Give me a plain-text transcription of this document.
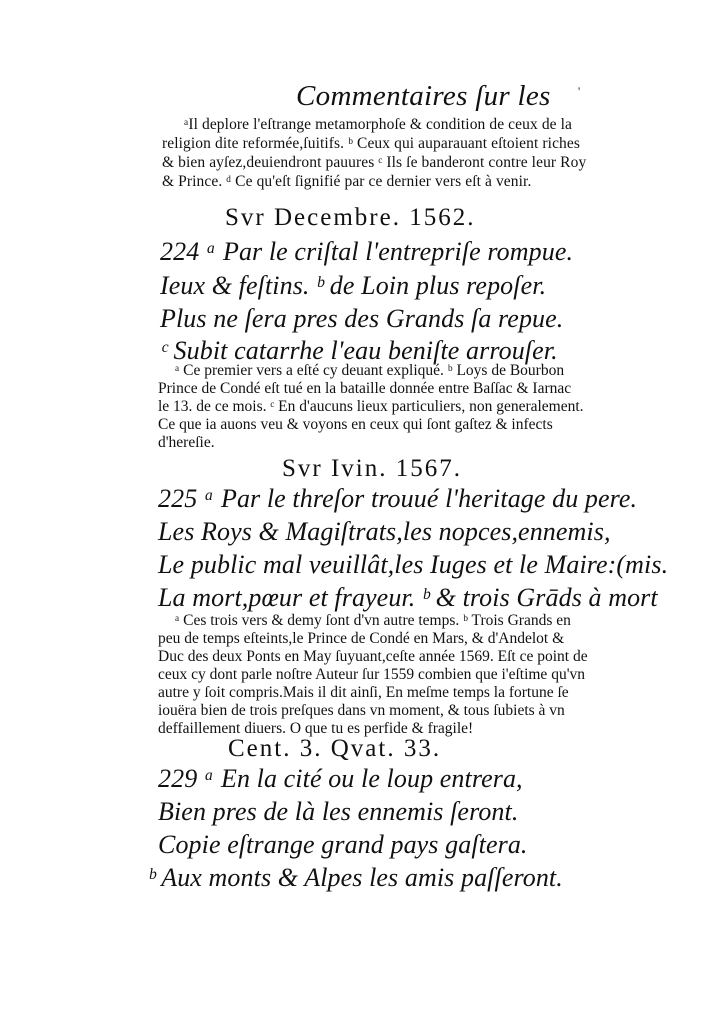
Commentaires ſur les '
ᵃIl deplore l'eſtrange metamorphoſe & condition de ceux de la
religion dite reformée,ſuitifs. ᵇ Ceux qui auparauant eſtoient riches
& bien ayſez,deuiendront pauures ᶜ Ils ſe banderont contre leur Roy
& Prince. ᵈ Ce qu'eſt ſignifié par ce dernier vers eſt à venir.
Svr Decembre. 1562.
224 ᵃ Par le criſtal l'entrepriſe rompue.
Ieux & feſtins. ᵇ de Loin plus repoſer.
Plus ne ſera pres des Grands ſa repue.
ᶜ Subit catarrhe l'eau beniſte arrouſer.
ᵃ Ce premier vers a eſté cy deuant expliqué. ᵇ Loys de Bourbon
Prince de Condé eſt tué en la bataille donnée entre Baſſac & Iarnac
le 13. de ce mois. ᶜ En d'aucuns lieux particuliers, non generalement.
Ce que ia auons veu & voyons en ceux qui ſont gaſtez & infects
d'hereſie.
Svr Ivin. 1567.
225 ᵃ Par le threſor trouué l'heritage du pere.
Les Roys & Magiſtrats,les nopces,ennemis,
Le public mal veuillât,les Iuges et le Maire:(mis.
La mort,pœur et frayeur. ᵇ & trois Grāds à mort
ᵃ Ces trois vers & demy ſont d'vn autre temps. ᵇ Trois Grands en
peu de temps eſteints,le Prince de Condé en Mars, & d'Andelot &
Duc des deux Ponts en May ſuyuant,ceſte année 1569. Eſt ce point de
ceux cy dont parle noſtre Auteur ſur 1559 combien que i'eſtime qu'vn
autre y ſoit compris.Mais il dit ainſi, En meſme temps la fortune ſe
iouëra bien de trois preſques dans vn moment, & tous ſubiets à vn
deffaillement diuers. O que tu es perfide & fragile!
Cent. 3. Qvat. 33.
229 ᵃ En la cité ou le loup entrera,
Bien pres de là les ennemis ſeront.
Copie eſtrange grand pays gaſtera.
ᵇ Aux monts & Alpes les amis paſſeront.
